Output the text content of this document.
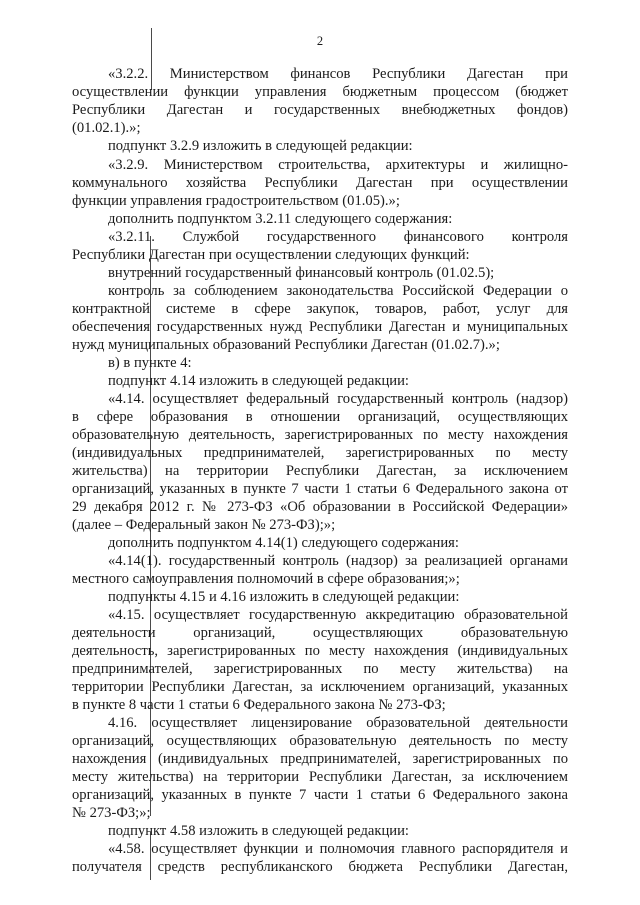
2
«3.2.2. Министерством финансов Республики Дагестан при
осуществлении функции управления бюджетным процессом (бюджет
Республики Дагестан и государственных внебюджетных фондов)
(01.02.1).»;
подпункт 3.2.9 изложить в следующей редакции:
«3.2.9. Министерством строительства, архитектуры и жилищно-
коммунального хозяйства Республики Дагестан при осуществлении
функции управления градостроительством (01.05).»;
дополнить подпунктом 3.2.11 следующего содержания:
«3.2.11. Службой государственного финансового контроля
Республики Дагестан при осуществлении следующих функций:
внутренний государственный финансовый контроль (01.02.5);
контроль за соблюдением законодательства Российской Федерации о
контрактной системе в сфере закупок, товаров, работ, услуг для
обеспечения государственных нужд Республики Дагестан и муниципальных
нужд муниципальных образований Республики Дагестан (01.02.7).»;
в) в пункте 4:
подпункт 4.14 изложить в следующей редакции:
«4.14. осуществляет федеральный государственный контроль (надзор)
в сфере образования в отношении организаций, осуществляющих
образовательную деятельность, зарегистрированных по месту нахождения
(индивидуальных предпринимателей, зарегистрированных по месту
жительства) на территории Республики Дагестан, за исключением
организаций, указанных в пункте 7 части 1 статьи 6 Федерального закона от
29 декабря 2012 г. № 273-ФЗ «Об образовании в Российской Федерации»
(далее – Федеральный закон № 273-ФЗ);»;
дополнить подпунктом 4.14(1) следующего содержания:
«4.14(1). государственный контроль (надзор) за реализацией органами
местного самоуправления полномочий в сфере образования;»;
подпункты 4.15 и 4.16 изложить в следующей редакции:
«4.15. осуществляет государственную аккредитацию образовательной
деятельности организаций, осуществляющих образовательную
деятельность, зарегистрированных по месту нахождения (индивидуальных
предпринимателей, зарегистрированных по месту жительства) на
территории Республики Дагестан, за исключением организаций, указанных
в пункте 8 части 1 статьи 6 Федерального закона № 273-ФЗ;
4.16. осуществляет лицензирование образовательной деятельности
организаций, осуществляющих образовательную деятельность по месту
нахождения (индивидуальных предпринимателей, зарегистрированных по
месту жительства) на территории Республики Дагестан, за исключением
организаций, указанных в пункте 7 части 1 статьи 6 Федерального закона
№ 273-ФЗ;»;
подпункт 4.58 изложить в следующей редакции:
«4.58. осуществляет функции и полномочия главного распорядителя и
получателя средств республиканского бюджета Республики Дагестан,
